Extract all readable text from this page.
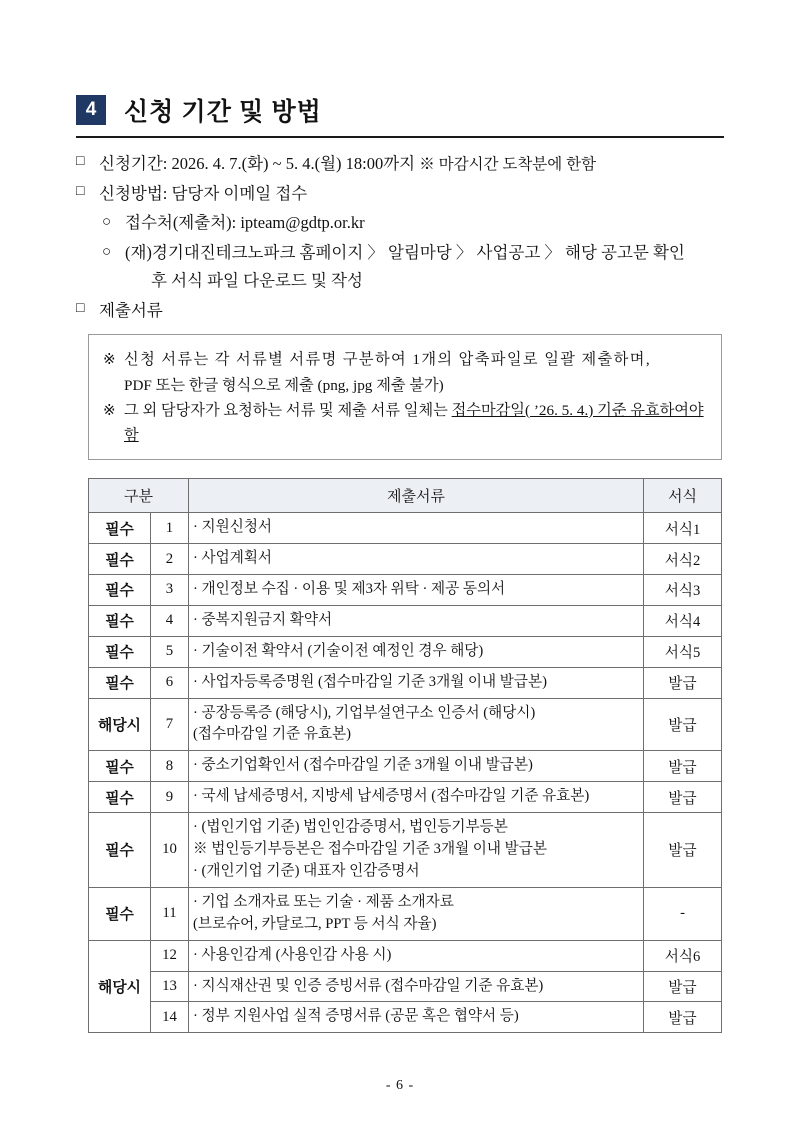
4	신청 기간 및 방법
□ 신청기간: 2026. 4. 7.(화) ~ 5. 4.(월) 18:00까지 ※ 마감시간 도착분에 한함
□ 신청방법: 담당자 이메일 접수
○ 접수처(제출처): ipteam@gdtp.or.kr
○ (재)경기대진테크노파크 홈페이지 〉 알림마당 〉 사업공고 〉 해당 공고문 확인
후 서식 파일 다운로드 및 작성
□ 제출서류
※ 신청 서류는 각 서류별 서류명 구분하여 1개의 압축파일로 일괄 제출하며,
PDF 또는 한글 형식으로 제출 (png, jpg 제출 불가)
※ 그 외 담당자가 요청하는 서류 및 제출 서류 일체는 접수마감일( ’26. 5. 4.) 기준 유효하여야함
구분		제출서류	서식
필수	1	· 지원신청서	서식1
필수	2	· 사업계획서	서식2
필수	3	· 개인정보 수집 · 이용 및 제3자 위탁 · 제공 동의서	서식3
필수	4	· 중복지원금지 확약서	서식4
필수	5	· 기술이전 확약서 (기술이전 예정인 경우 해당)	서식5
필수	6	· 사업자등록증명원 (접수마감일 기준 3개월 이내 발급본)	발급
해당시	7	· 공장등록증 (해당시), 기업부설연구소 인증서 (해당시)
(접수마감일 기준 유효본)	발급
필수	8	· 중소기업확인서 (접수마감일 기준 3개월 이내 발급본)	발급
필수	9	· 국세 납세증명서, 지방세 납세증명서 (접수마감일 기준 유효본)	발급
필수	10	· (법인기업 기준) 법인인감증명서, 법인등기부등본
※ 법인등기부등본은 접수마감일 기준 3개월 이내 발급본
· (개인기업 기준) 대표자 인감증명서	발급
필수	11	· 기업 소개자료 또는 기술 · 제품 소개자료
(브로슈어, 카달로그, PPT 등 서식 자율)	-
해당시	12	· 사용인감계 (사용인감 사용 시)	서식6
	13	· 지식재산권 및 인증 증빙서류 (접수마감일 기준 유효본)	발급
	14	· 정부 지원사업 실적 증명서류 (공문 혹은 협약서 등)	발급
- 6 -
